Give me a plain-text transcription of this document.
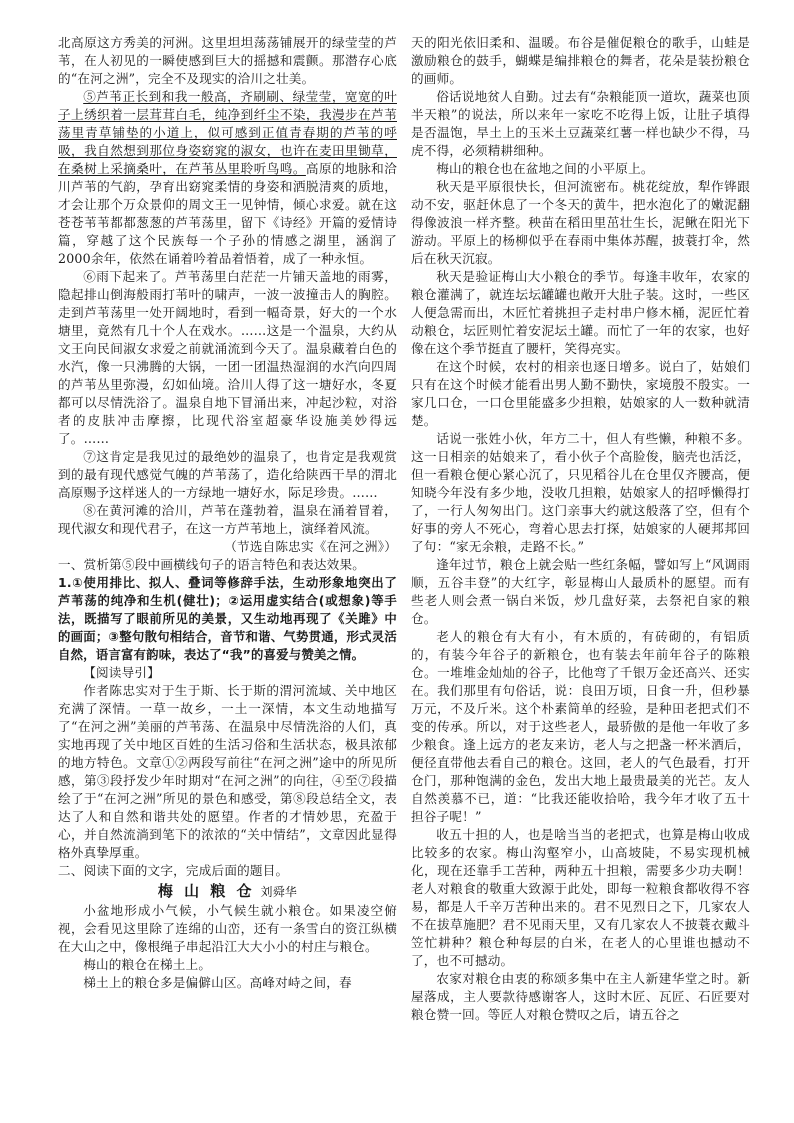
北高原这方秀美的河洲。这里坦坦荡荡铺展开的绿莹莹的芦苇，在人初见的一瞬使感到巨大的摇撼和震颤。那潜存心底的“在河之洲”，完全不及现实的洽川之壮美。

⑤芦苇正长到和我一般高，齐刷刷、绿莹莹，宽宽的叶子上绣织着一层茸茸白毛，纯净到纤尘不染，我漫步在芦苇荡里青草铺垫的小道上，似可感到正值青春期的芦苇的呼吸，我自然想到那位身姿窈窕的淑女，也许在麦田里锄草，在桑树上采摘桑叶，在芦苇丛里聆听鸟鸣。高原的地脉和洽川芦苇的气韵，孕育出窈窕柔情的身姿和洒脱清爽的质地，才会让那个万众景仰的周文王一见钟情，倾心求爱。就在这苍苍苇苇都都葱葱的芦苇荡里，留下《诗经》开篇的爱情诗篇，穿越了这个民族每一个子孙的情感之湖里，涵润了2000余年，依然在诵着吟着品着悟着，成了一种永恒。

⑥雨下起来了。芦苇荡里白茫茫一片铺天盖地的雨雾，隐起排山倒海般雨打苇叶的啸声，一波一波撞击人的胸腔。走到芦苇荡里一处开阔地时，看到一幅奇景，好大的一个水塘里，竟然有几十个人在戏水。……这是一个温泉，大约从文王向民间淑女求爱之前就涌流到今天了。温泉藏着白色的水汽，像一只沸腾的大锅，一团一团温热湿润的水汽向四周的芦苇丛里弥漫，幻如仙境。洽川人得了这一塘好水，冬夏都可以尽情洗浴了。温泉自地下冒涌出来，冲起沙粒，对浴者的皮肤冲击摩擦，比现代浴室超豪华设施美妙得远了。……

⑦这肯定是我见过的最绝妙的温泉了，也肯定是我观赏到的最有现代感觉气魄的芦苇荡了，造化给陕西干旱的渭北高原赐予这样迷人的一方绿地一塘好水，际足珍贵。……

⑧在黄河滩的洽川，芦苇在蓬勃着，温泉在涌着冒着，现代淑女和现代君子，在这一方芦苇地上，演绎着风流。

（节选自陈忠实《在河之洲》）

一、赏析第⑤段中画横线句子的语言特色和表达效果。

1.①使用排比、拟人、叠词等修辞手法，生动形象地突出了芦苇荡的纯净和生机(健壮)；②运用虚实结合(或想象)等手法，既描写了眼前所见的美景，又生动地再现了《关雎》中的画面；③整句散句相结合，音节和谐、气势贯通，形式灵活自然，语言富有韵味，表达了“我”的喜爱与赞美之情。

【阅读导引】

作者陈忠实对于生于斯、长于斯的渭河流域、关中地区充满了深情。一草一故乡，一土一深情，本文生动地描写了“在河之洲”美丽的芦苇荡、在温泉中尽情洗浴的人们，真实地再现了关中地区百姓的生活习俗和生活状态，极具浓郁的地方特色。文章①②两段写前往“在河之洲”途中的所见所感，第③段抒发少年时期对“在河之洲”的向往，④至⑦段描绘了于“在河之洲”所见的景色和感受，第⑧段总结全文，表达了人和自然和谐共处的愿望。作者的才情妙思，充盈于心，并自然流淌到笔下的浓浓的“关中情结”，文章因此显得格外真挚厚重。

二、阅读下面的文字，完成后面的题目。

梅 山 粮 仓 刘舜华

小盆地形成小气候，小气候生就小粮仓。如果凌空俯视，会看见这里除了连绵的山峦，还有一条雪白的资江纵横在大山之中，像根绳子串起沿江大大小小的村庄与粮仓。

梅山的粮仓在梯土上。

梯土上的粮仓多是偏僻山区。高峰对峙之间，春

天的阳光依旧柔和、温暖。布谷是催促粮仓的歌手，山蛙是激励粮仓的鼓手，蝴蝶是编排粮仓的舞者，花朵是装扮粮仓的画师。

俗话说地贫人自勤。过去有“杂粮能顶一道坎，蔬菜也顶半天粮”的说法，所以来年一家吃不吃得上饭，让肚子填得是否温饱，旱土上的玉米土豆蔬菜红薯一样也缺少不得，马虎不得，必须精耕细种。

梅山的粮仓也在盆地之间的小平原上。

秋天是平原很快长，但河流密布。桃花绽放，犁作铧跟动不安，驱赶休息了一个冬天的黄牛，把水泡化了的嫩泥翻得像波浪一样齐整。秧苗在稻田里茁壮生长，泥鳅在阳光下游动。平原上的杨柳似乎在春雨中集体苏醒，披蓑打伞，然后在秋天沉寂。

秋天是验证梅山大小粮仓的季节。每逢丰收年，农家的粮仓灌满了，就连坛坛罐罐也敞开大肚子装。这时，一些区人便急需而出，木匠忙着挑担子走村串户修木桶，泥匠忙着动粮仓，坛匠则忙着安泥坛土罐。而忙了一年的农家，也好像在这个季节挺直了腰杆，笑得亮实。

在这个时候，农村的相亲也逐日增多。说白了，姑娘们只有在这个时候才能看出男人勤不勤快，家境殷不殷实。一家几口仓，一口仓里能盛多少担粮，姑娘家的人一数种就清楚。

话说一张姓小伙，年方二十，但人有些懒，种粮不多。这一日相亲的姑娘来了，看小伙子个高脸俊，脑壳也活泛，但一看粮仓便心紧心沉了，只见稻谷儿在仓里仅齐腰高，便知晓今年没有多少地，没收几担粮，姑娘家人的招呼懒得打了，一行人匆匆出门。这门亲事大约就这般落了空，但有个好事的旁人不死心，弯着心思去打探，姑娘家的人硬邦邦回了句：“家无余粮，走路不长。”

逢年过节，粮仓上就会贴一些红条幅，譬如写上“风调雨顺，五谷丰登”的大红字，彰显梅山人最质朴的愿望。而有些老人则会煮一锅白米饭，炒几盘好菜，去祭祀自家的粮仓。

老人的粮仓有大有小，有木质的，有砖砌的，有铝质的，有装今年谷子的新粮仓，也有装去年前年谷子的陈粮仓。一堆堆金灿灿的谷子，比他弯了千银万金还高兴、还实在。我们那里有句俗话，说：良田万顷，日食一升，但秒暴万元，不及斤米。这个朴素简单的经验，是种田老把式们不变的传承。所以，对于这些老人，最骄傲的是他一年收了多少粮食。逢上远方的老友来访，老人与之把盏一杯米酒后，便径直带他去看自己的粮仓。这回，老人的气色最看，打开仓门，那种饱满的金色，发出大地上最贵最美的光芒。友人自然羡慕不已，道：“比我还能收拾哈，我今年才收了五十担谷子呢！”

收五十担的人，也是啥当当的老把式，也算是梅山收成比较多的农家。梅山沟壑窄小，山高坡陡，不易实现机械化，现在还靠手工苦种，两种五十担粮，需要多少功夫啊！老人对粮食的敬重大致源于此处，即每一粒粮食都收得不容易，都是人千辛万苦种出来的。君不见烈日之下，几家农人不在拔草施肥？君不见雨天里，又有几家农人不披蓑衣戴斗笠忙耕种？粮仓种每层的白米，在老人的心里谁也撼动不了，也不可撼动。

农家对粮仓由衷的称颂多集中在主人新建华堂之时。新屋落成，主人要款待感谢客人，这时木匠、瓦匠、石匠要对粮仓赞一回。等匠人对粮仓赞叹之后，请五谷之
